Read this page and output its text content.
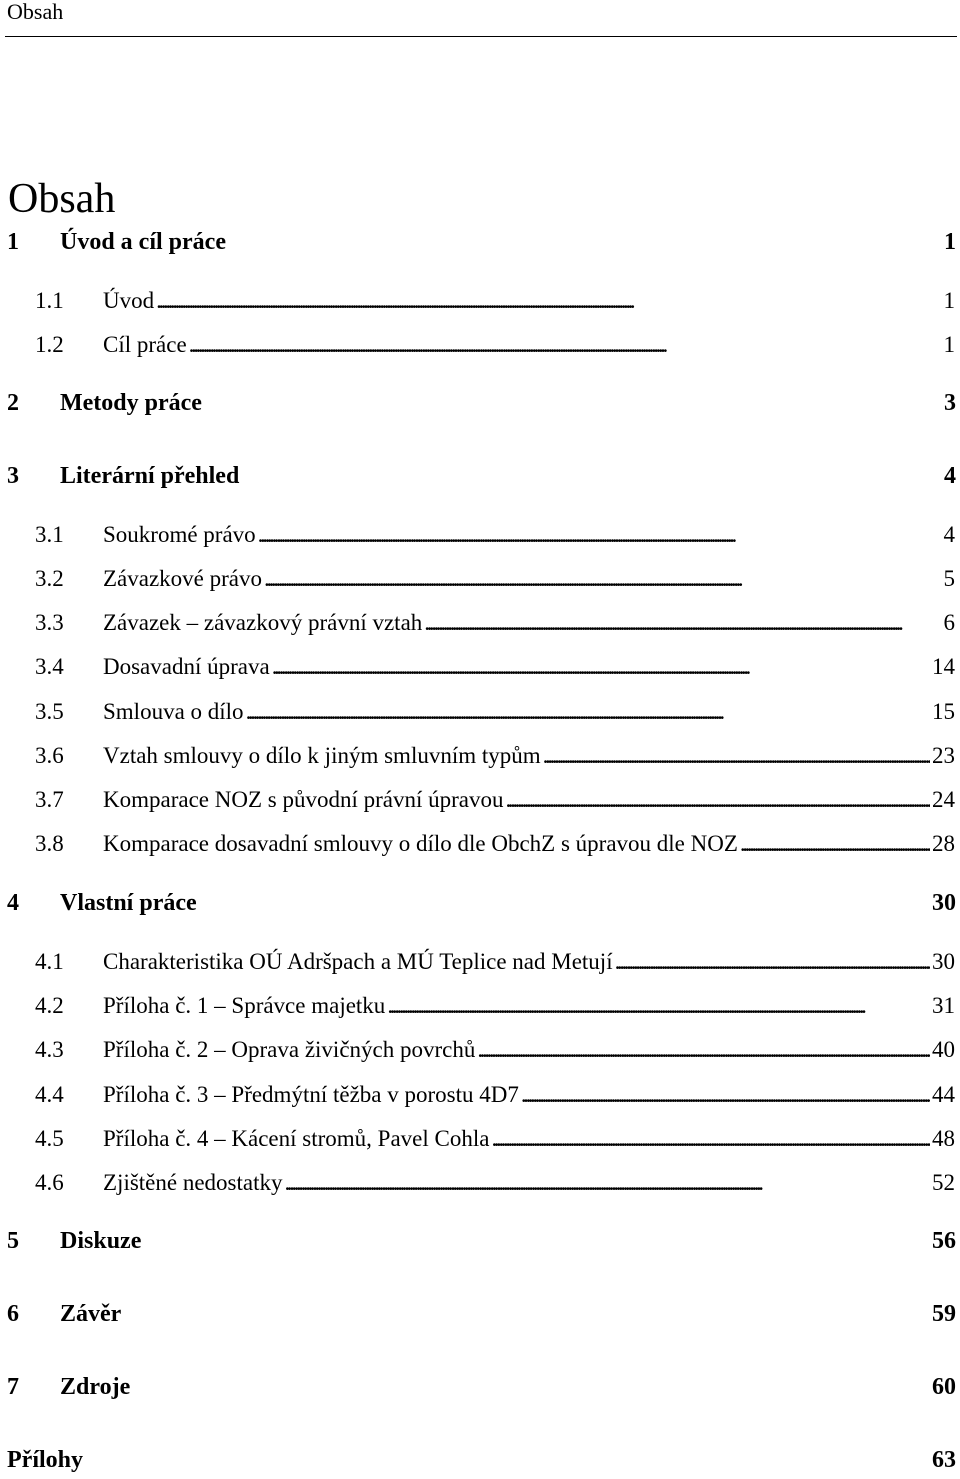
Obsah
Obsah
1 Úvod a cíl práce	1
1.1 Úvod . . .	1
1.2 Cíl práce . . .	1
2 Metody práce	3
3 Literární přehled	4
3.1 Soukromé právo . . .	4
3.2 Závazkové právo . . .	5
3.3 Závazek – závazkový právní vztah . . .	6
3.4 Dosavadní úprava . . .	14
3.5 Smlouva o dílo . . .	15
3.6 Vztah smlouvy o dílo k jiným smluvním typům . . .	23
3.7 Komparace NOZ s původní právní úpravou . . .	24
3.8 Komparace dosavadní smlouvy o dílo dle ObchZ s úpravou dle NOZ . . .	28
4 Vlastní práce	30
4.1 Charakteristika OÚ Adršpach a MÚ Teplice nad Metují . . .	30
4.2 Příloha č. 1 – Správce majetku . . .	31
4.3 Příloha č. 2 – Oprava živičných povrchů . . .	40
4.4 Příloha č. 3 – Předmýtní těžba v porostu 4D7 . . .	44
4.5 Příloha č. 4 – Kácení stromů, Pavel Cohla . . .	48
4.6 Zjištěné nedostatky . . .	52
5 Diskuze	56
6 Závěr	59
7 Zdroje	60
Přílohy	63
